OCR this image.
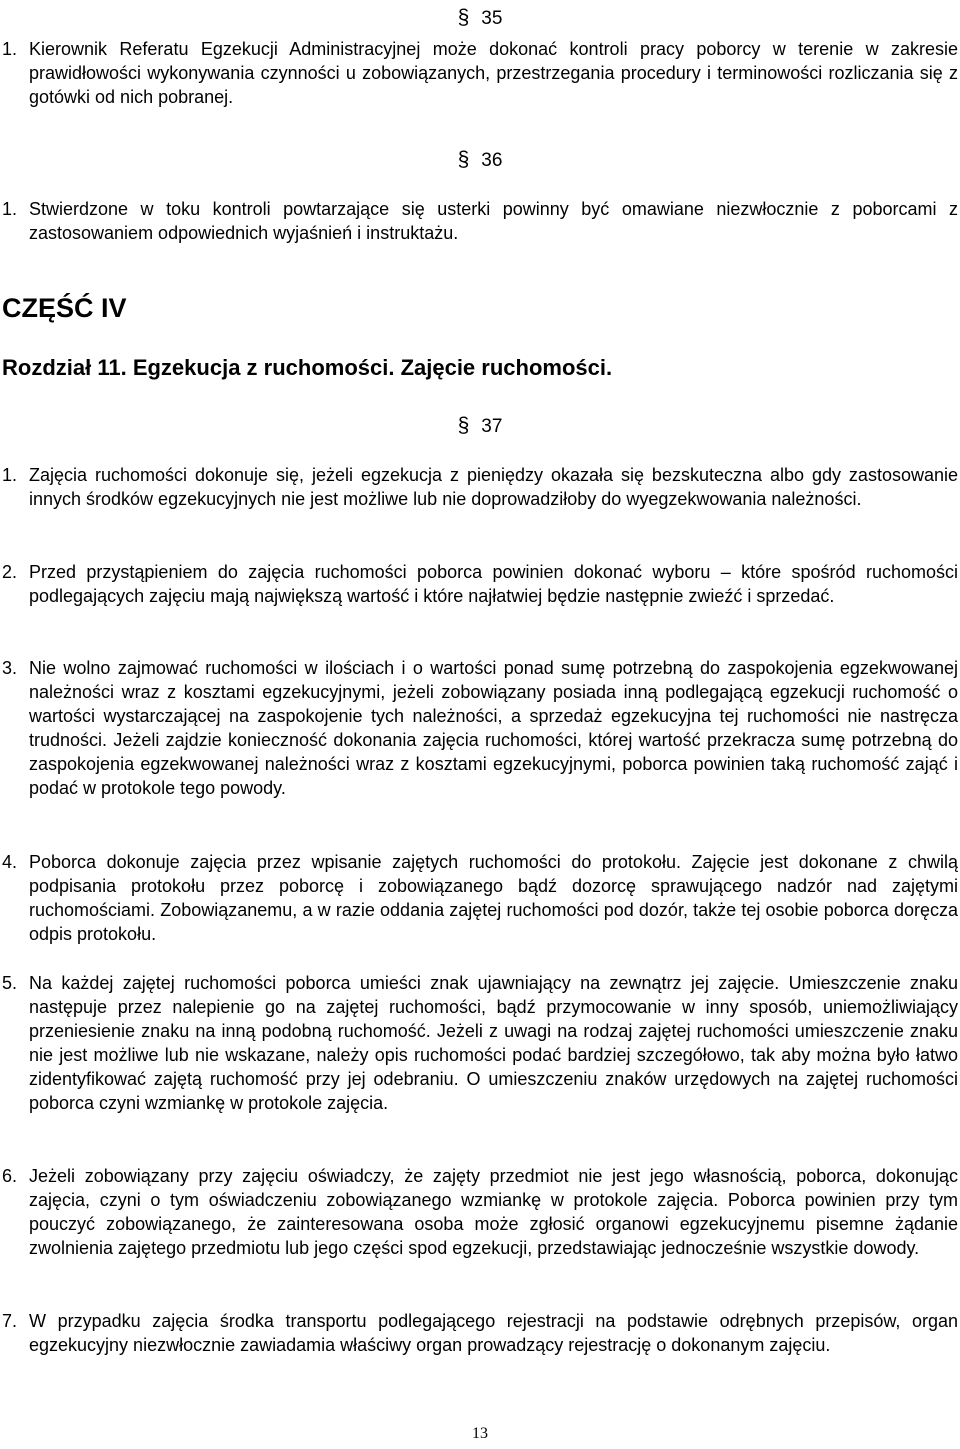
§ 35
1. Kierownik Referatu Egzekucji Administracyjnej może dokonać kontroli pracy poborcy w terenie w zakresie prawidłowości wykonywania czynności u zobowiązanych, przestrzegania procedury i terminowości rozliczania się z gotówki od nich pobranej.
§ 36
1. Stwierdzone w toku kontroli powtarzające się usterki powinny być omawiane niezwłocznie z poborcami z zastosowaniem odpowiednich wyjaśnień i instruktażu.
CZĘŚĆ IV
Rozdział 11. Egzekucja z ruchomości. Zajęcie ruchomości.
§ 37
1. Zajęcia ruchomości dokonuje się, jeżeli egzekucja z pieniędzy okazała się bezskuteczna albo gdy zastosowanie innych środków egzekucyjnych nie jest możliwe lub nie doprowadziłoby do wyegzekwowania należności.
2. Przed przystąpieniem do zajęcia ruchomości poborca powinien dokonać wyboru – które spośród ruchomości podlegających zajęciu mają największą wartość i które najłatwiej będzie następnie zwieźć i sprzedać.
3. Nie wolno zajmować ruchomości w ilościach i o wartości ponad sumę potrzebną do zaspokojenia egzekwowanej należności wraz z kosztami egzekucyjnymi, jeżeli zobowiązany posiada inną podlegającą egzekucji ruchomość o wartości wystarczającej na zaspokojenie tych należności, a sprzedaż egzekucyjna tej ruchomości nie nastręcza trudności. Jeżeli zajdzie konieczność dokonania zajęcia ruchomości, której wartość przekracza sumę potrzebną do zaspokojenia egzekwowanej należności wraz z kosztami egzekucyjnymi, poborca powinien taką ruchomość zająć i podać w protokole tego powody.
4. Poborca dokonuje zajęcia przez wpisanie zajętych ruchomości do protokołu. Zajęcie jest dokonane z chwilą podpisania protokołu przez poborcę i zobowiązanego bądź dozorcę sprawującego nadzór nad zajętymi ruchomościami. Zobowiązanemu, a w razie oddania zajętej ruchomości pod dozór, także tej osobie poborca doręcza odpis protokołu.
5. Na każdej zajętej ruchomości poborca umieści znak ujawniający na zewnątrz jej zajęcie. Umieszczenie znaku następuje przez nalepienie go na zajętej ruchomości, bądź przymocowanie w inny sposób, uniemożliwiający przeniesienie znaku na inną podobną ruchomość. Jeżeli z uwagi na rodzaj zajętej ruchomości umieszczenie znaku nie jest możliwe lub nie wskazane, należy opis ruchomości podać bardziej szczegółowo, tak aby można było łatwo zidentyfikować zajętą ruchomość przy jej odebraniu. O umieszczeniu znaków urzędowych na zajętej ruchomości poborca czyni wzmiankę w protokole zajęcia.
6. Jeżeli zobowiązany przy zajęciu oświadczy, że zajęty przedmiot nie jest jego własnością, poborca, dokonując zajęcia, czyni o tym oświadczeniu zobowiązanego wzmiankę w protokole zajęcia. Poborca powinien przy tym pouczyć zobowiązanego, że zainteresowana osoba może zgłosić organowi egzekucyjnemu pisemne żądanie zwolnienia zajętego przedmiotu lub jego części spod egzekucji, przedstawiając jednocześnie wszystkie dowody.
7. W przypadku zajęcia środka transportu podlegającego rejestracji na podstawie odrębnych przepisów, organ egzekucyjny niezwłocznie zawiadamia właściwy organ prowadzący rejestrację o dokonanym zajęciu.
13
